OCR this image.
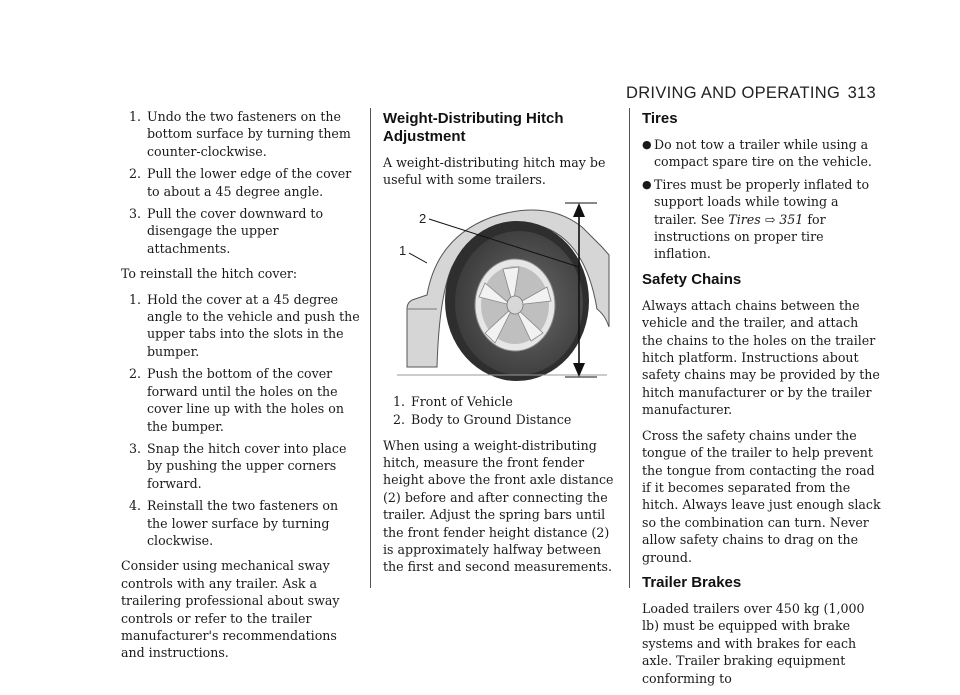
DRIVING AND OPERATING 313
1. Undo the two fasteners on the bottom surface by turning them counter-clockwise.
2. Pull the lower edge of the cover to about a 45 degree angle.
3. Pull the cover downward to disengage the upper attachments.

To reinstall the hitch cover:

1. Hold the cover at a 45 degree angle to the vehicle and push the upper tabs into the slots in the bumper.
2. Push the bottom of the cover forward until the holes on the cover line up with the holes on the bumper.
3. Snap the hitch cover into place by pushing the upper corners forward.
4. Reinstall the two fasteners on the lower surface by turning clockwise.

Consider using mechanical sway controls with any trailer. Ask a trailering professional about sway controls or refer to the trailer manufacturer's recommendations and instructions.

Weight-Distributing Hitch Adjustment

A weight-distributing hitch may be useful with some trailers.

2
1
1. Front of Vehicle
2. Body to Ground Distance

When using a weight-distributing hitch, measure the front fender height above the front axle distance (2) before and after connecting the trailer. Adjust the spring bars until the front fender height distance (2) is approximately halfway between the first and second measurements.

Tires
● Do not tow a trailer while using a compact spare tire on the vehicle.
● Tires must be properly inflated to support loads while towing a trailer. See Tires ⇨ 351 for instructions on proper tire inflation.
Safety Chains

Always attach chains between the vehicle and the trailer, and attach the chains to the holes on the trailer hitch platform. Instructions about safety chains may be provided by the hitch manufacturer or by the trailer manufacturer.

Cross the safety chains under the tongue of the trailer to help prevent the tongue from contacting the road if it becomes separated from the hitch. Always leave just enough slack so the combination can turn. Never allow safety chains to drag on the ground.

Trailer Brakes

Loaded trailers over 450 kg (1,000 lb) must be equipped with brake systems and with brakes for each axle. Trailer braking equipment conforming to
